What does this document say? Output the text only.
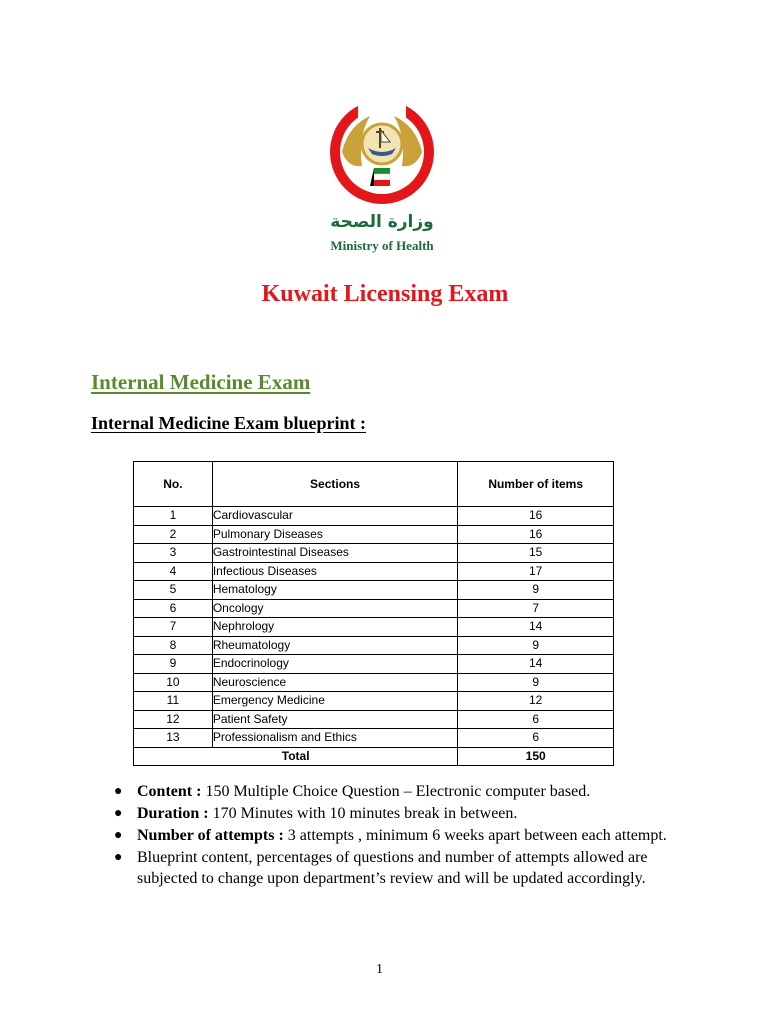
وزارة الصحة
Ministry of Health
Kuwait Licensing Exam
Internal Medicine Exam
Internal Medicine Exam blueprint :
No.	Sections	Number of items
1	Cardiovascular	16
2	Pulmonary Diseases	16
3	Gastrointestinal Diseases	15
4	Infectious Diseases	17
5	Hematology	9
6	Oncology	7
7	Nephrology	14
8	Rheumatology	9
9	Endocrinology	14
10	Neuroscience	9
11	Emergency Medicine	12
12	Patient Safety	6
13	Professionalism and Ethics	6
Total		150
● Content : 150 Multiple Choice Question – Electronic computer based.
● Duration : 170 Minutes with 10 minutes break in between.
● Number of attempts : 3 attempts , minimum 6 weeks apart between each attempt.
● Blueprint content, percentages of questions and number of attempts allowed are subjected to change upon department’s review and will be updated accordingly.
1
